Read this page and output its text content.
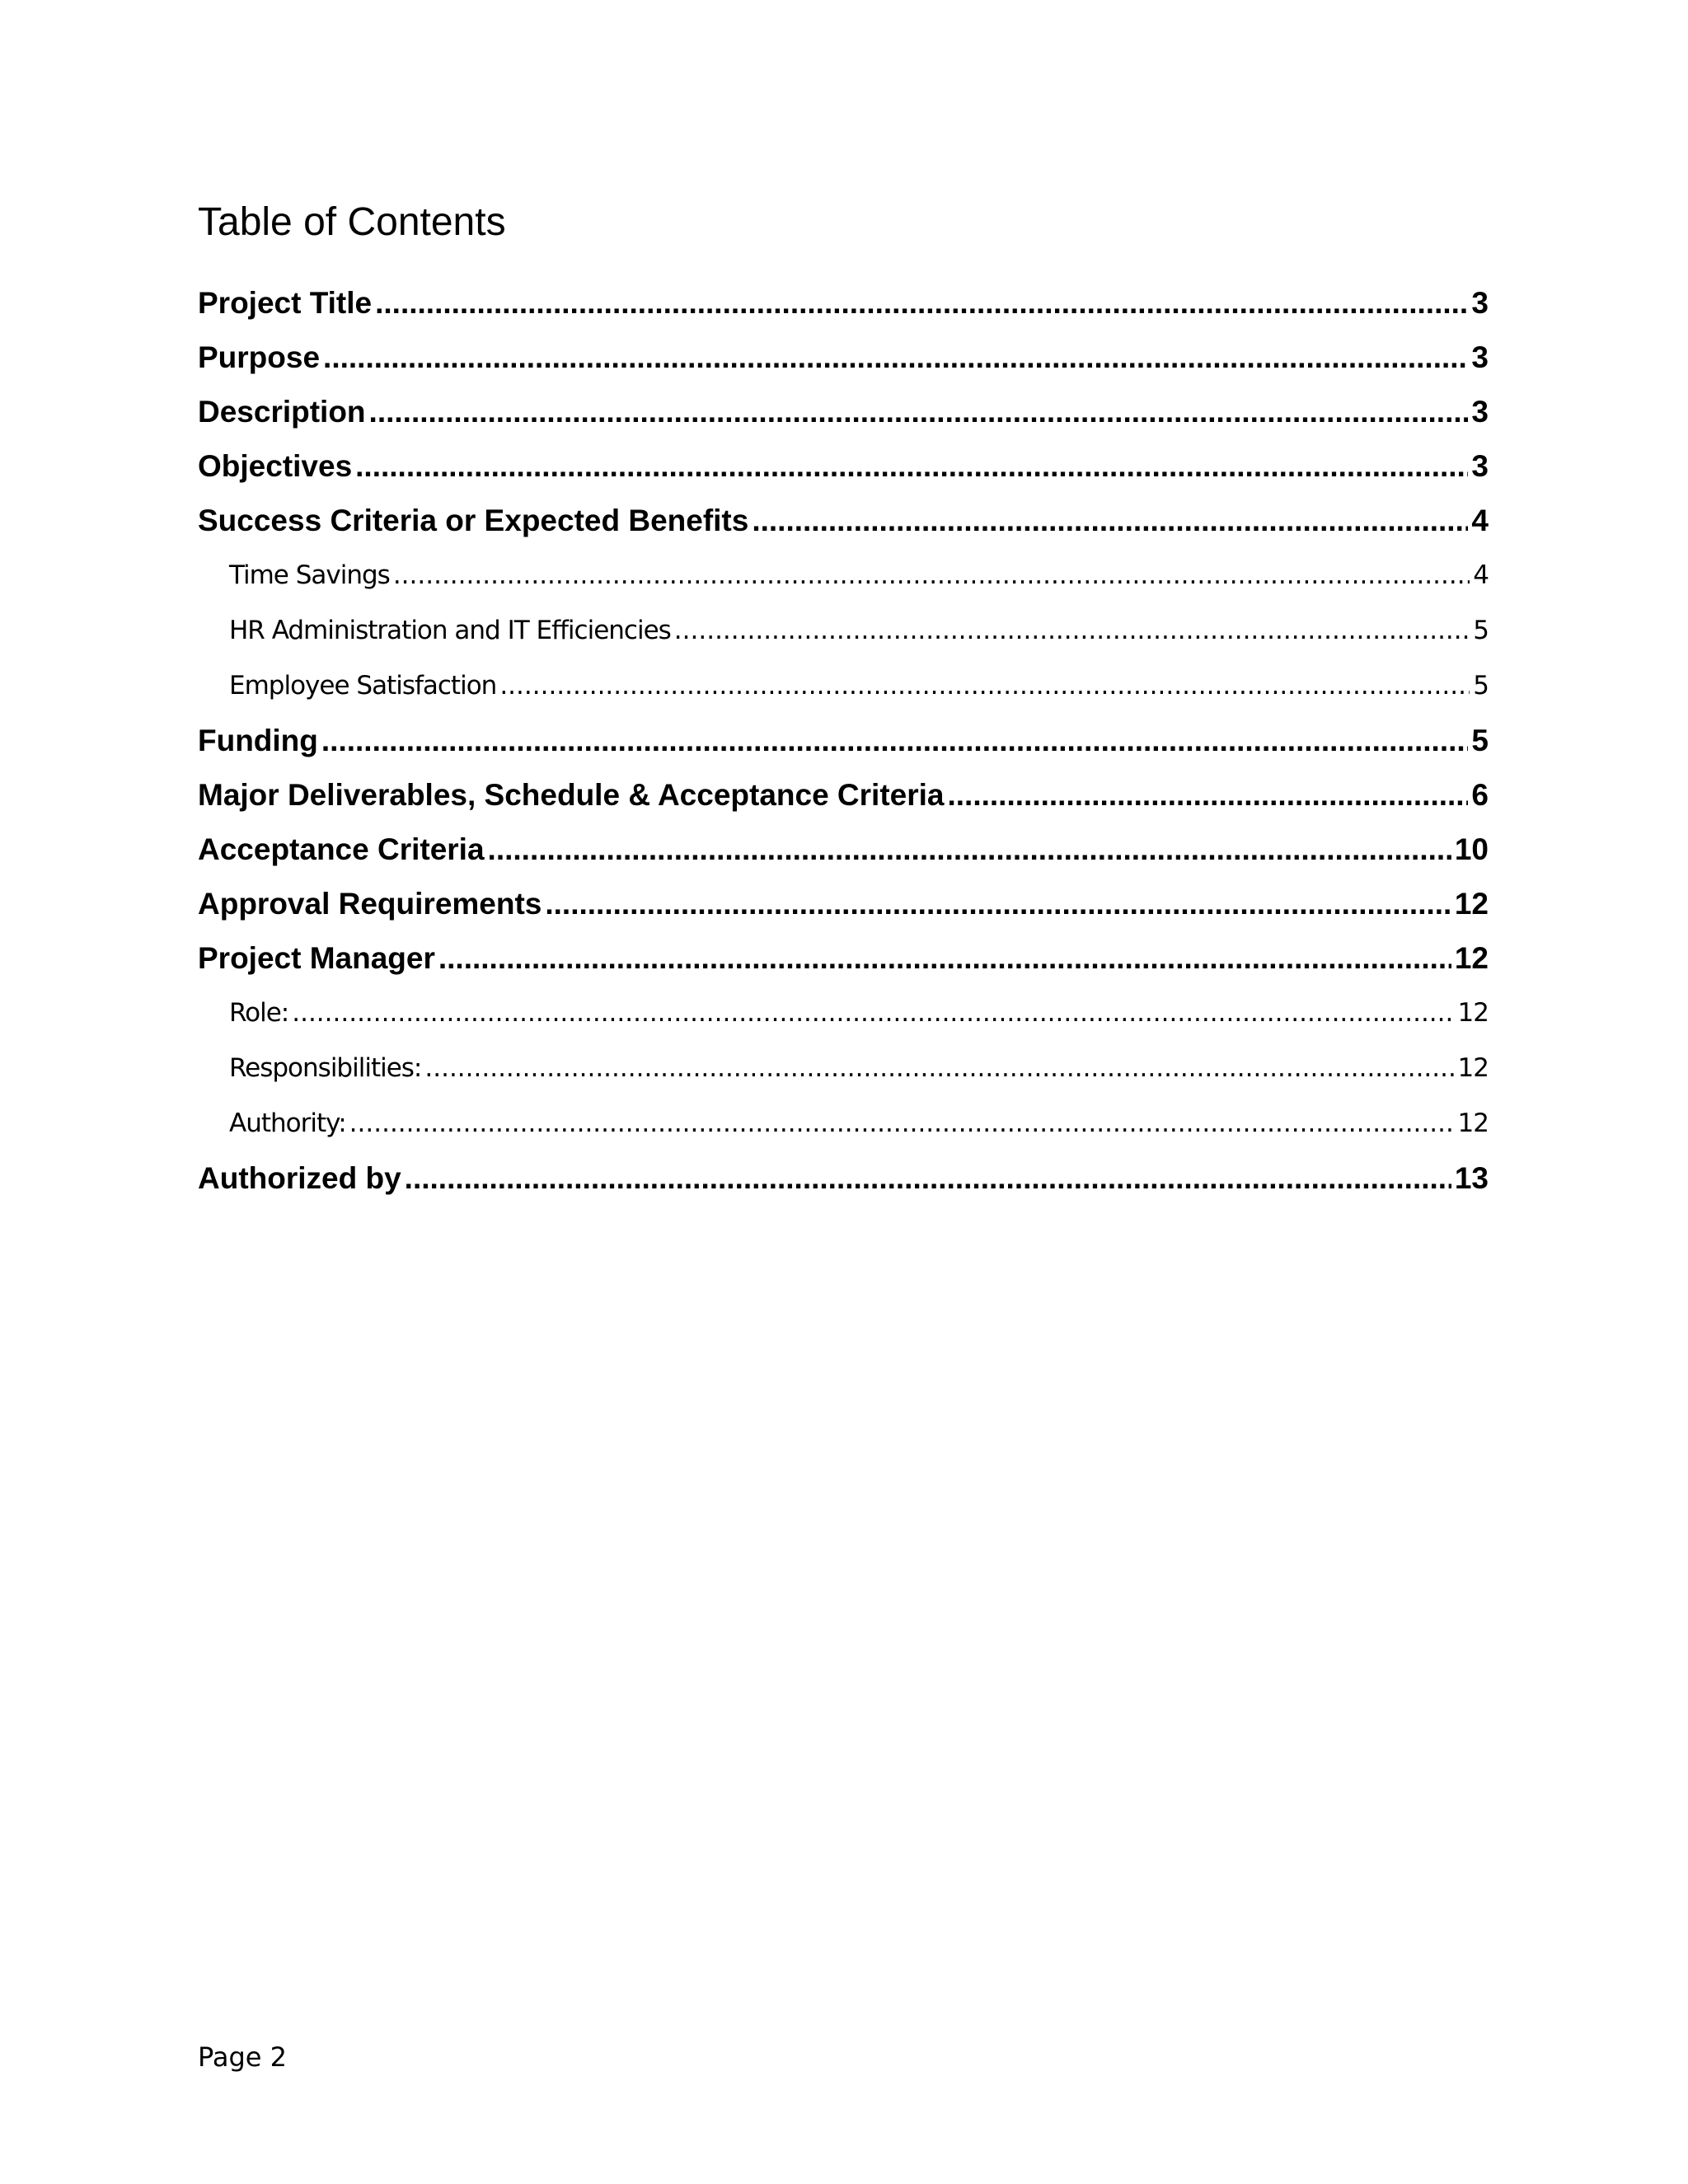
Table of Contents
Project Title .....	3
Purpose .....	3
Description .....	3
Objectives .....	3
Success Criteria or Expected Benefits .....	4
Time Savings .....	4
HR Administration and IT Efficiencies .....	5
Employee Satisfaction .....	5
Funding .....	5
Major Deliverables, Schedule & Acceptance Criteria .....	6
Acceptance Criteria .....	10
Approval Requirements .....	12
Project Manager .....	12
Role: .....	12
Responsibilities: .....	12
Authority: .....	12
Authorized by .....	13
Page 2
